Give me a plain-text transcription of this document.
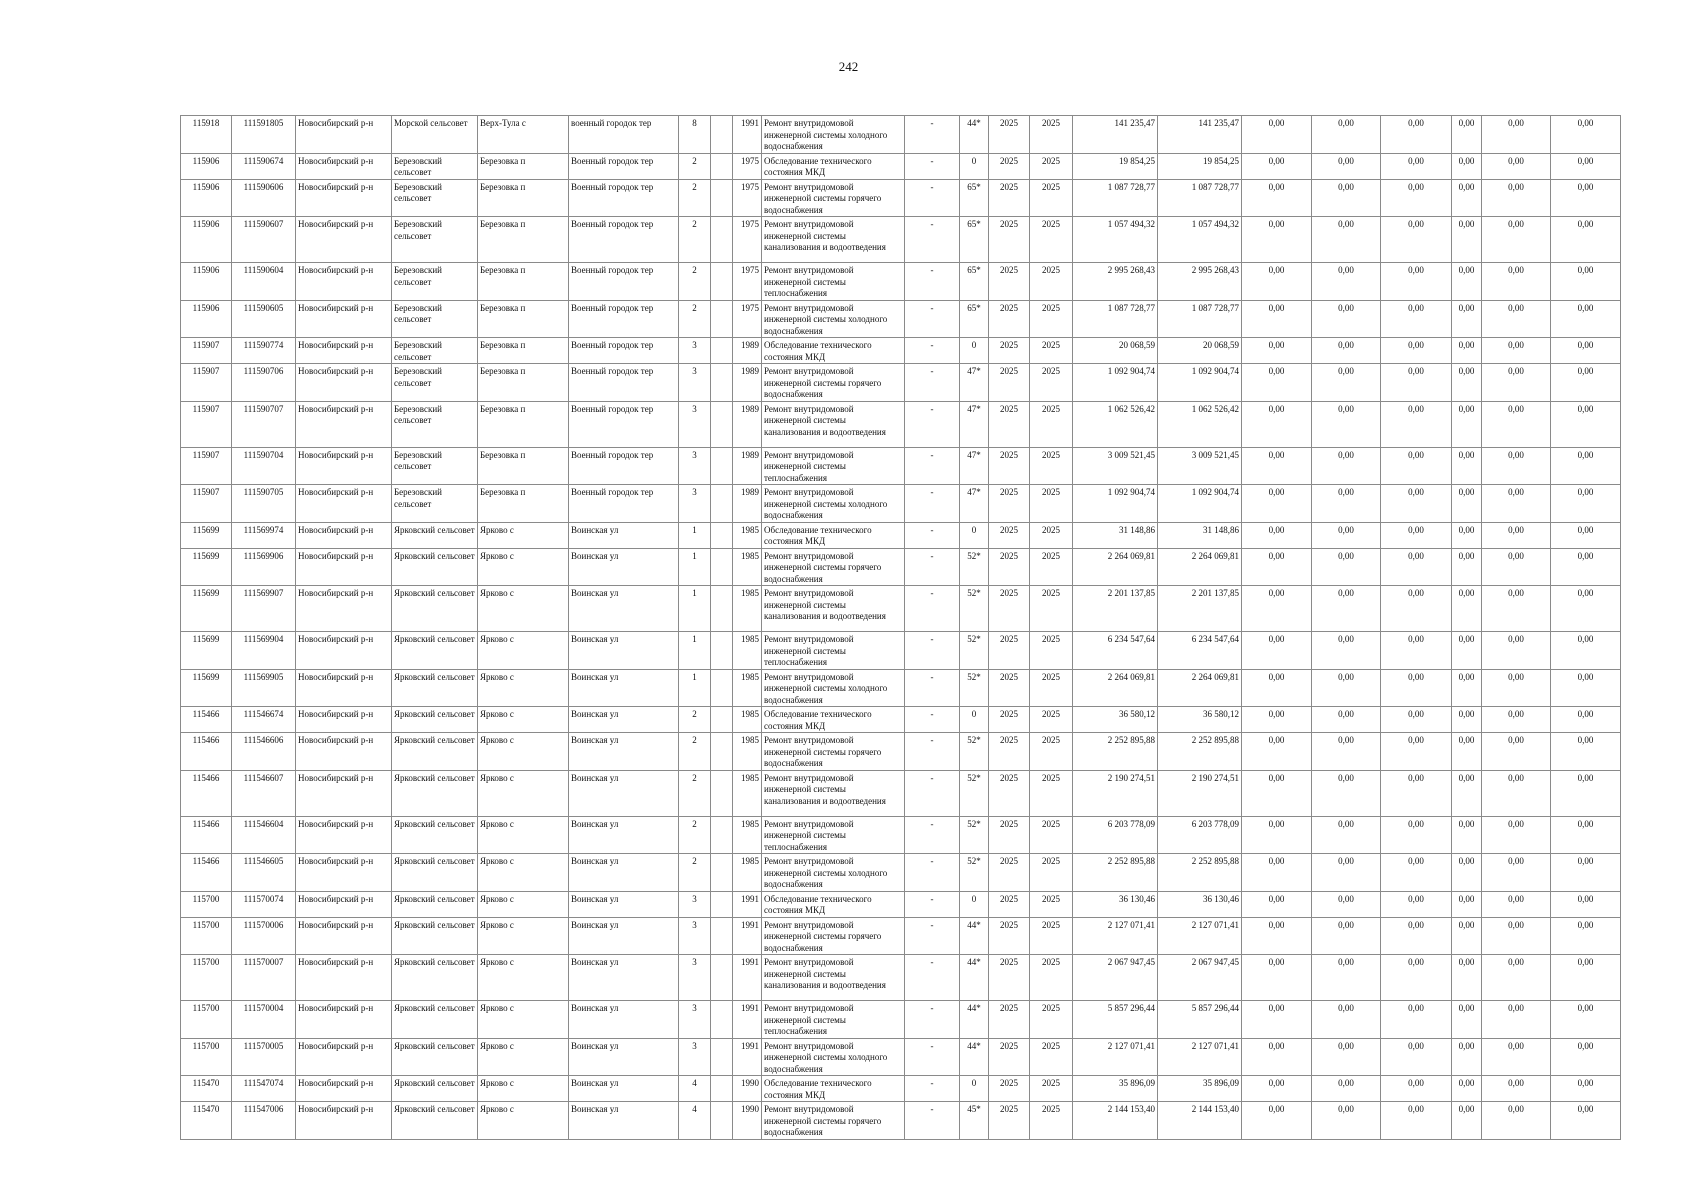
242
115918	111591805	Новосибирский р-н	Морской сельсовет	Верх-Тула с	военный городок тер	8		1991	Ремонт внутридомовой инженерной системы холодного водоснабжения	-	44*	2025	2025	141 235,47	141 235,47	0,00	0,00	0,00	0,00	0,00	0,00
115906	111590674	Новосибирский р-н	Березовский сельсовет	Березовка п	Военный городок тер	2		1975	Обследование технического состояния МКД	-	0	2025	2025	19 854,25	19 854,25	0,00	0,00	0,00	0,00	0,00	0,00
115906	111590606	Новосибирский р-н	Березовский сельсовет	Березовка п	Военный городок тер	2		1975	Ремонт внутридомовой инженерной системы горячего водоснабжения	-	65*	2025	2025	1 087 728,77	1 087 728,77	0,00	0,00	0,00	0,00	0,00	0,00
115906	111590607	Новосибирский р-н	Березовский сельсовет	Березовка п	Военный городок тер	2		1975	Ремонт внутридомовой инженерной системы канализования и водоотведения	-	65*	2025	2025	1 057 494,32	1 057 494,32	0,00	0,00	0,00	0,00	0,00	0,00
115906	111590604	Новосибирский р-н	Березовский сельсовет	Березовка п	Военный городок тер	2		1975	Ремонт внутридомовой инженерной системы теплоснабжения	-	65*	2025	2025	2 995 268,43	2 995 268,43	0,00	0,00	0,00	0,00	0,00	0,00
115906	111590605	Новосибирский р-н	Березовский сельсовет	Березовка п	Военный городок тер	2		1975	Ремонт внутридомовой инженерной системы холодного водоснабжения	-	65*	2025	2025	1 087 728,77	1 087 728,77	0,00	0,00	0,00	0,00	0,00	0,00
115907	111590774	Новосибирский р-н	Березовский сельсовет	Березовка п	Военный городок тер	3		1989	Обследование технического состояния МКД	-	0	2025	2025	20 068,59	20 068,59	0,00	0,00	0,00	0,00	0,00	0,00
115907	111590706	Новосибирский р-н	Березовский сельсовет	Березовка п	Военный городок тер	3		1989	Ремонт внутридомовой инженерной системы горячего водоснабжения	-	47*	2025	2025	1 092 904,74	1 092 904,74	0,00	0,00	0,00	0,00	0,00	0,00
115907	111590707	Новосибирский р-н	Березовский сельсовет	Березовка п	Военный городок тер	3		1989	Ремонт внутридомовой инженерной системы канализования и водоотведения	-	47*	2025	2025	1 062 526,42	1 062 526,42	0,00	0,00	0,00	0,00	0,00	0,00
115907	111590704	Новосибирский р-н	Березовский сельсовет	Березовка п	Военный городок тер	3		1989	Ремонт внутридомовой инженерной системы теплоснабжения	-	47*	2025	2025	3 009 521,45	3 009 521,45	0,00	0,00	0,00	0,00	0,00	0,00
115907	111590705	Новосибирский р-н	Березовский сельсовет	Березовка п	Военный городок тер	3		1989	Ремонт внутридомовой инженерной системы холодного водоснабжения	-	47*	2025	2025	1 092 904,74	1 092 904,74	0,00	0,00	0,00	0,00	0,00	0,00
115699	111569974	Новосибирский р-н	Ярковский сельсовет	Ярково с	Воинская ул	1		1985	Обследование технического состояния МКД	-	0	2025	2025	31 148,86	31 148,86	0,00	0,00	0,00	0,00	0,00	0,00
115699	111569906	Новосибирский р-н	Ярковский сельсовет	Ярково с	Воинская ул	1		1985	Ремонт внутридомовой инженерной системы горячего водоснабжения	-	52*	2025	2025	2 264 069,81	2 264 069,81	0,00	0,00	0,00	0,00	0,00	0,00
115699	111569907	Новосибирский р-н	Ярковский сельсовет	Ярково с	Воинская ул	1		1985	Ремонт внутридомовой инженерной системы канализования и водоотведения	-	52*	2025	2025	2 201 137,85	2 201 137,85	0,00	0,00	0,00	0,00	0,00	0,00
115699	111569904	Новосибирский р-н	Ярковский сельсовет	Ярково с	Воинская ул	1		1985	Ремонт внутридомовой инженерной системы теплоснабжения	-	52*	2025	2025	6 234 547,64	6 234 547,64	0,00	0,00	0,00	0,00	0,00	0,00
115699	111569905	Новосибирский р-н	Ярковский сельсовет	Ярково с	Воинская ул	1		1985	Ремонт внутридомовой инженерной системы холодного водоснабжения	-	52*	2025	2025	2 264 069,81	2 264 069,81	0,00	0,00	0,00	0,00	0,00	0,00
115466	111546674	Новосибирский р-н	Ярковский сельсовет	Ярково с	Воинская ул	2		1985	Обследование технического состояния МКД	-	0	2025	2025	36 580,12	36 580,12	0,00	0,00	0,00	0,00	0,00	0,00
115466	111546606	Новосибирский р-н	Ярковский сельсовет	Ярково с	Воинская ул	2		1985	Ремонт внутридомовой инженерной системы горячего водоснабжения	-	52*	2025	2025	2 252 895,88	2 252 895,88	0,00	0,00	0,00	0,00	0,00	0,00
115466	111546607	Новосибирский р-н	Ярковский сельсовет	Ярково с	Воинская ул	2		1985	Ремонт внутридомовой инженерной системы канализования и водоотведения	-	52*	2025	2025	2 190 274,51	2 190 274,51	0,00	0,00	0,00	0,00	0,00	0,00
115466	111546604	Новосибирский р-н	Ярковский сельсовет	Ярково с	Воинская ул	2		1985	Ремонт внутридомовой инженерной системы теплоснабжения	-	52*	2025	2025	6 203 778,09	6 203 778,09	0,00	0,00	0,00	0,00	0,00	0,00
115466	111546605	Новосибирский р-н	Ярковский сельсовет	Ярково с	Воинская ул	2		1985	Ремонт внутридомовой инженерной системы холодного водоснабжения	-	52*	2025	2025	2 252 895,88	2 252 895,88	0,00	0,00	0,00	0,00	0,00	0,00
115700	111570074	Новосибирский р-н	Ярковский сельсовет	Ярково с	Воинская ул	3		1991	Обследование технического состояния МКД	-	0	2025	2025	36 130,46	36 130,46	0,00	0,00	0,00	0,00	0,00	0,00
115700	111570006	Новосибирский р-н	Ярковский сельсовет	Ярково с	Воинская ул	3		1991	Ремонт внутридомовой инженерной системы горячего водоснабжения	-	44*	2025	2025	2 127 071,41	2 127 071,41	0,00	0,00	0,00	0,00	0,00	0,00
115700	111570007	Новосибирский р-н	Ярковский сельсовет	Ярково с	Воинская ул	3		1991	Ремонт внутридомовой инженерной системы канализования и водоотведения	-	44*	2025	2025	2 067 947,45	2 067 947,45	0,00	0,00	0,00	0,00	0,00	0,00
115700	111570004	Новосибирский р-н	Ярковский сельсовет	Ярково с	Воинская ул	3		1991	Ремонт внутридомовой инженерной системы теплоснабжения	-	44*	2025	2025	5 857 296,44	5 857 296,44	0,00	0,00	0,00	0,00	0,00	0,00
115700	111570005	Новосибирский р-н	Ярковский сельсовет	Ярково с	Воинская ул	3		1991	Ремонт внутридомовой инженерной системы холодного водоснабжения	-	44*	2025	2025	2 127 071,41	2 127 071,41	0,00	0,00	0,00	0,00	0,00	0,00
115470	111547074	Новосибирский р-н	Ярковский сельсовет	Ярково с	Воинская ул	4		1990	Обследование технического состояния МКД	-	0	2025	2025	35 896,09	35 896,09	0,00	0,00	0,00	0,00	0,00	0,00
115470	111547006	Новосибирский р-н	Ярковский сельсовет	Ярково с	Воинская ул	4		1990	Ремонт внутридомовой инженерной системы горячего водоснабжения	-	45*	2025	2025	2 144 153,40	2 144 153,40	0,00	0,00	0,00	0,00	0,00	0,00
